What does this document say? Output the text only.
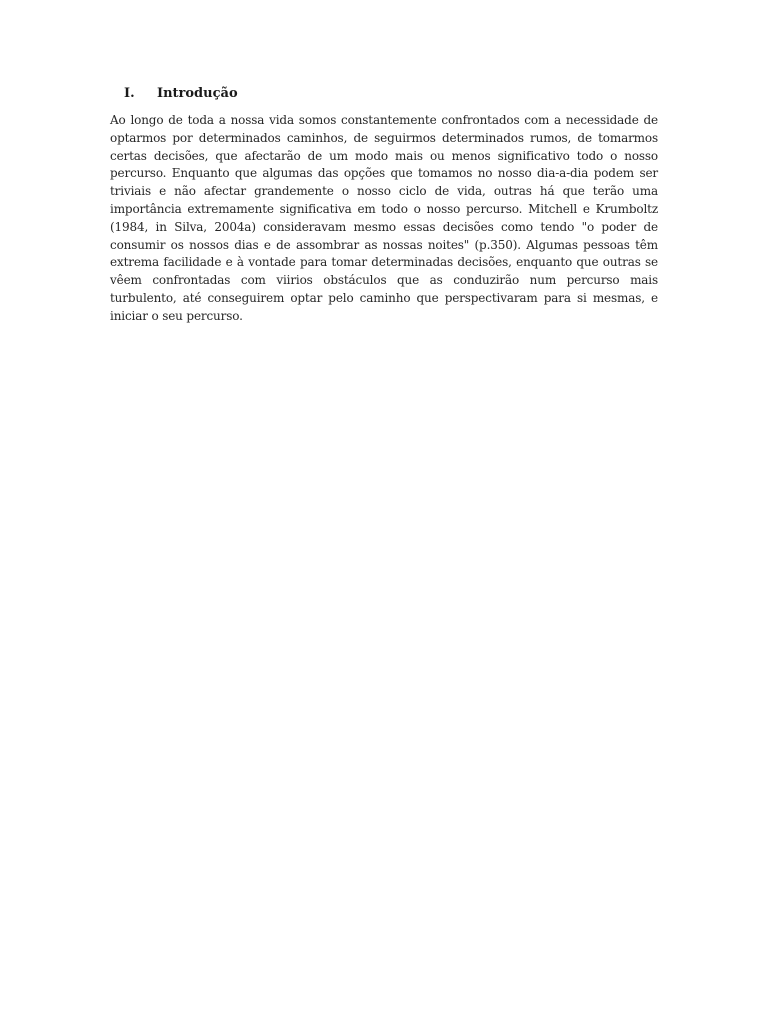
I.	Introdução

Ao longo de toda a nossa vida somos constantemente confrontados com a necessidade de optarmos por determinados caminhos, de seguirmos determinados rumos, de tomarmos certas decisões, que afectarão de um modo mais ou menos significativo todo o nosso percurso. Enquanto que algumas das opções que tomamos no nosso dia-a-dia podem ser triviais e não afectar grandemente o nosso ciclo de vida, outras há que terão uma importância extremamente significativa em todo o nosso percurso. Mitchell e Krumboltz (1984, in Silva, 2004a) consideravam mesmo essas decisões como tendo "o poder de consumir os nossos dias e de assombrar as nossas noites" (p.350). Algumas pessoas têm extrema facilidade e à vontade para tomar determinadas decisões, enquanto que outras se vêem confrontadas com viirios obstáculos que as conduzirão num percurso mais turbulento, até conseguirem optar pelo caminho que perspectivaram para si mesmas, e iniciar o seu percurso.
